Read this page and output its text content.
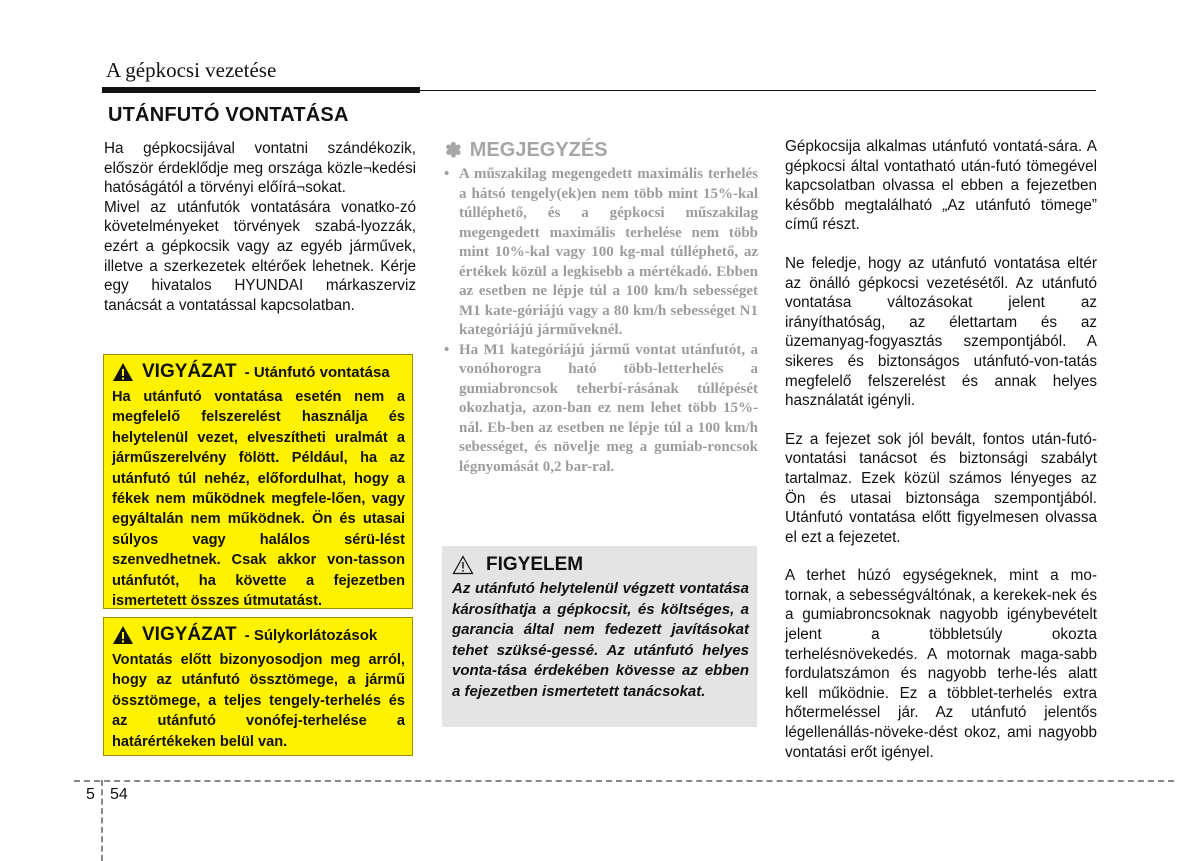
A gépkocsi vezetése
UTÁNFUTÓ VONTATÁSA

Ha gépkocsijával vontatni szándékozik, először érdeklődje meg országa közle¬kedési hatóságától a törvényi előírá¬sokat.

Mivel az utánfutók vontatására vonatko-zó követelményeket törvények szabá-lyozzák, ezért a gépkocsik vagy az egyéb járművek, illetve a szerkezetek eltérőek lehetnek. Kérje egy hivatalos HYUNDAI márkaszerviz tanácsát a vontatással kapcsolatban.

VIGYÁZAT - Utánfutó vontatása

Ha utánfutó vontatása esetén nem a megfelelő felszerelést használja és helytelenül vezet, elveszítheti uralmát a járműszerelvény fölött. Például, ha az utánfutó túl nehéz, előfordulhat, hogy a fékek nem működnek megfele-lően, vagy egyáltalán nem működnek. Ön és utasai súlyos vagy halálos sérü-lést szenvedhetnek. Csak akkor von-tasson utánfutót, ha követte a fejezetben ismertetett összes útmutatást.

VIGYÁZAT - Súlykorlátozások

Vontatás előtt bizonyosodjon meg arról, hogy az utánfutó össztömege, a jármű össztömege, a teljes tengely-terhelés és az utánfutó vonófej-terhelése a határértékeken belül van.

✽ MEGJEGYZÉS
• A műszakilag megengedett maximális terhelés a hátsó tengely(ek)en nem több mint 15%-kal túlléphető, és a gépkocsi műszakilag megengedett maximális terhelése nem több mint 10%-kal vagy 100 kg-mal túlléphető, az értékek közül a legkisebb a mértékadó. Ebben az esetben ne lépje túl a 100 km/h sebességet M1 kate-góriájú vagy a 80 km/h sebességet N1 kategóriájú járműveknél.
• Ha M1 kategóriájú jármű vontat utánfutót, a vonóhorogra ható több-letterhelés a gumiabroncsok teherbí-rásának túllépését okozhatja, azon-ban ez nem lehet több 15%-nál. Eb-ben az esetben ne lépje túl a 100 km/h sebességet, és növelje meg a gumiab-roncsok légnyomását 0,2 bar-ral.
FIGYELEM

Az utánfutó helytelenül végzett vontatása károsíthatja a gépkocsit, és költséges, a garancia által nem fedezett javításokat tehet szüksé-gessé. Az utánfutó helyes vonta-tása érdekében kövesse az ebben a fejezetben ismertetett tanácsokat.

Gépkocsija alkalmas utánfutó vontatá-sára. A gépkocsi által vontatható után-futó tömegével kapcsolatban olvassa el ebben a fejezetben később megtalálható „Az utánfutó tömege” című részt.

Ne feledje, hogy az utánfutó vontatása eltér az önálló gépkocsi vezetésétől. Az utánfutó vontatása változásokat jelent az irányíthatóság, az élettartam és az üzemanyag-fogyasztás szempontjából. A sikeres és biztonságos utánfutó-von-tatás megfelelő felszerelést és annak helyes használatát igényli.

Ez a fejezet sok jól bevált, fontos után-futó-vontatási tanácsot és biztonsági szabályt tartalmaz. Ezek közül számos lényeges az Ön és utasai biztonsága szempontjából. Utánfutó vontatása előtt figyelmesen olvassa el ezt a fejezetet.

A terhet húzó egységeknek, mint a mo-tornak, a sebességváltónak, a kerekek-nek és a gumiabroncsoknak nagyobb igénybevételt jelent a többletsúly okozta terhelésnövekedés. A motornak maga-sabb fordulatszámon és nagyobb terhe-lés alatt kell működnie. Ez a többlet-terhelés extra hőtermeléssel jár. Az utánfutó jelentős légellenállás-növeke-dést okoz, ami nagyobb vontatási erőt igényel.

5 54
